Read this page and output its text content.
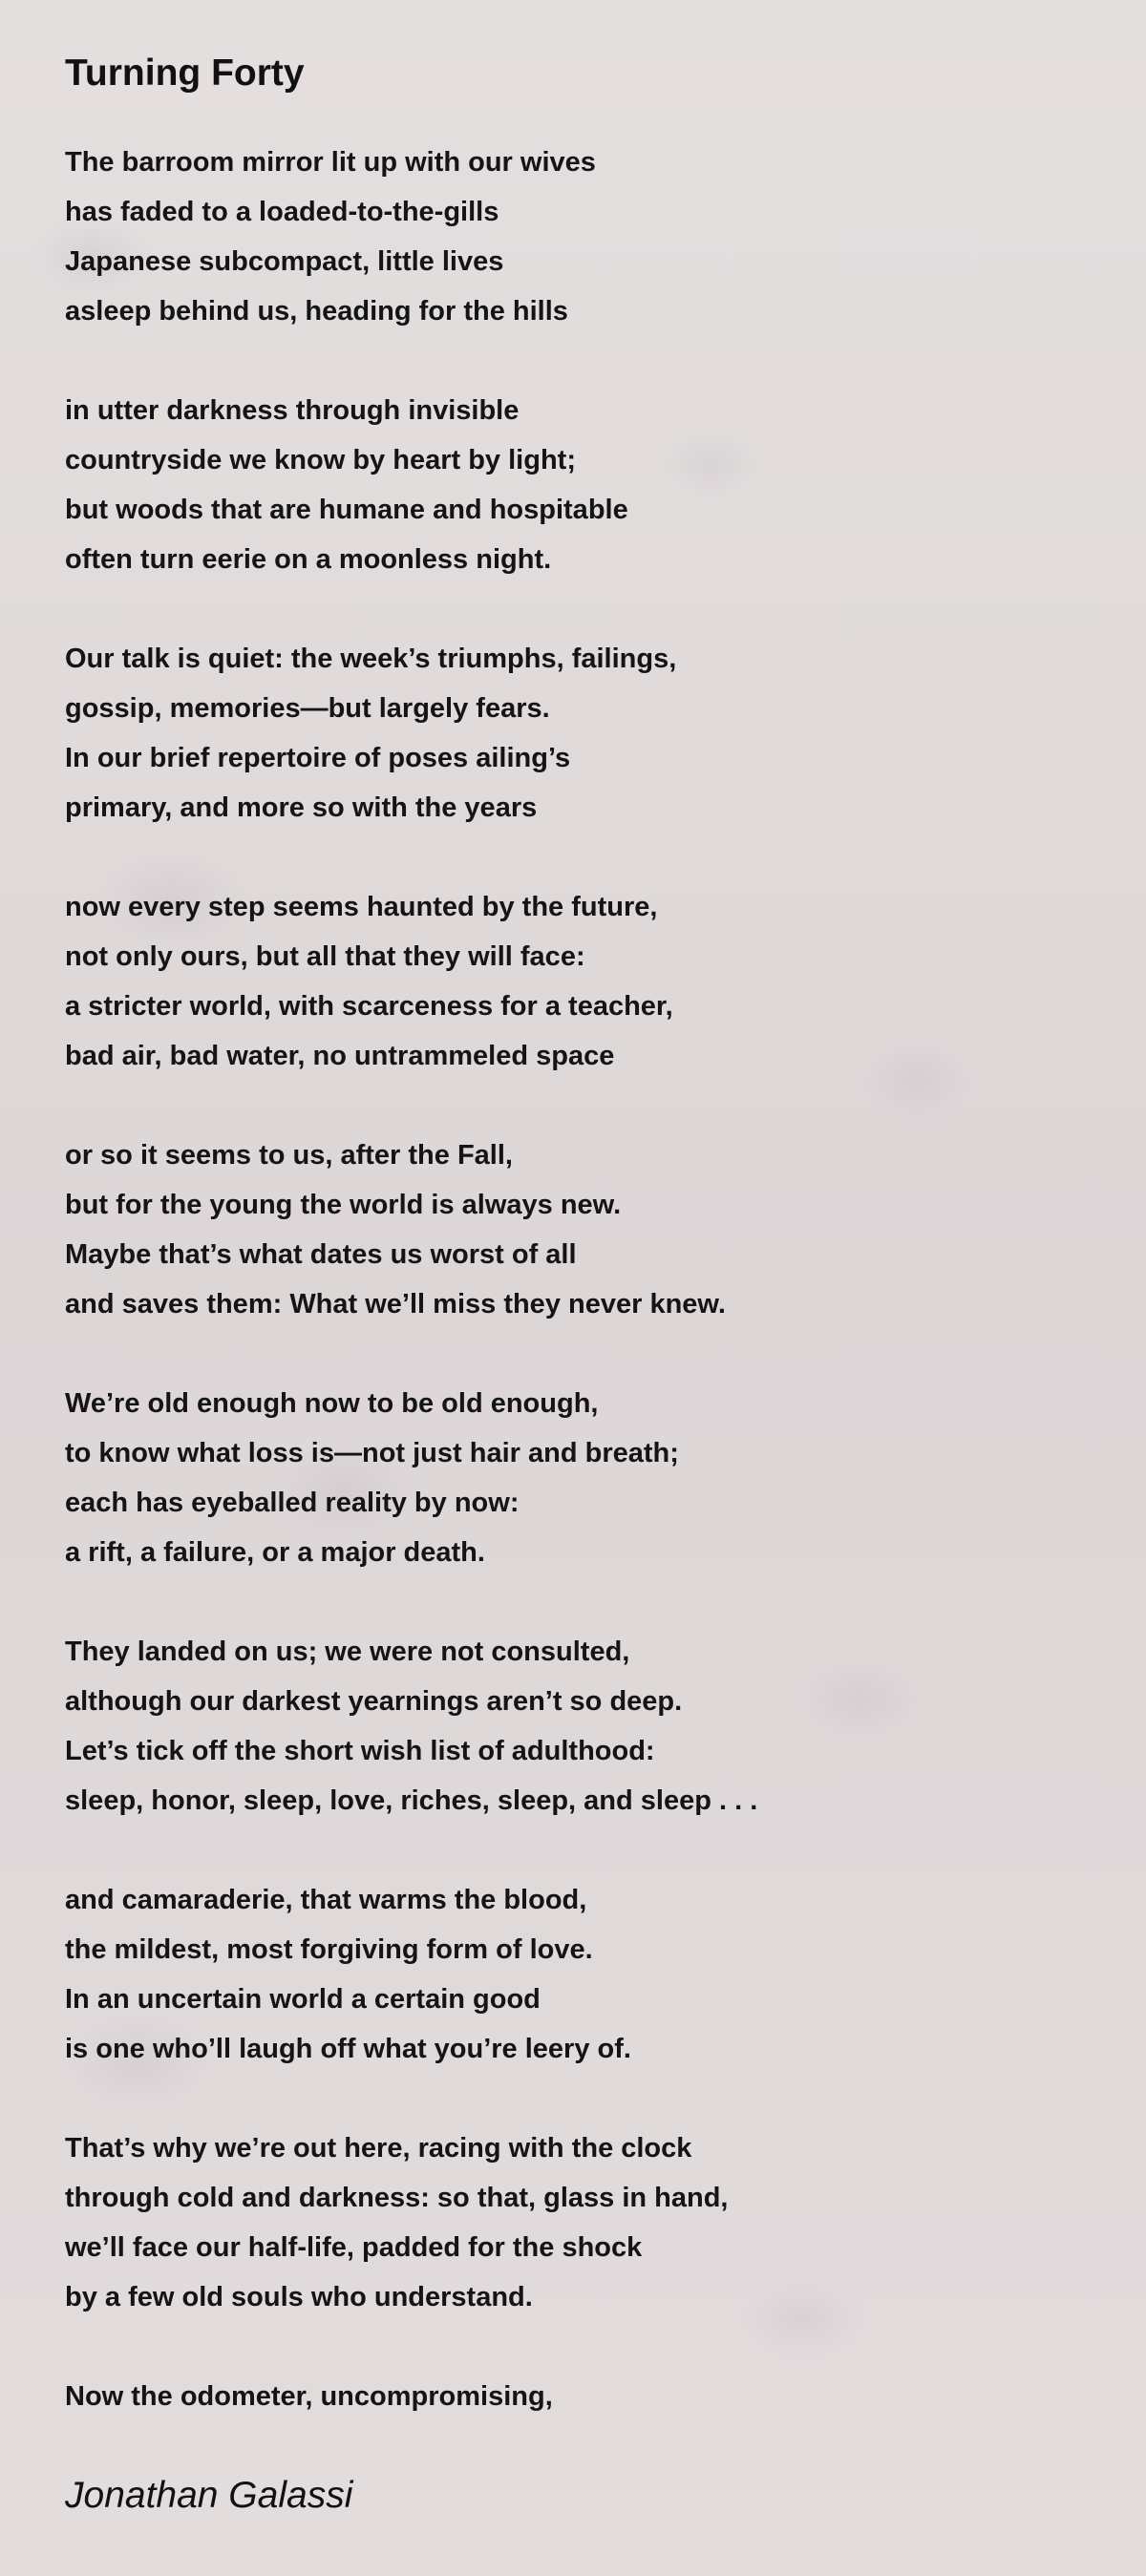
Turning Forty
The barroom mirror lit up with our wives
has faded to a loaded-to-the-gills
Japanese subcompact, little lives
asleep behind us, heading for the hills
in utter darkness through invisible
countryside we know by heart by light;
but woods that are humane and hospitable
often turn eerie on a moonless night.
Our talk is quiet: the week’s triumphs, failings,
gossip, memories—but largely fears.
In our brief repertoire of poses ailing’s
primary, and more so with the years
now every step seems haunted by the future,
not only ours, but all that they will face:
a stricter world, with scarceness for a teacher,
bad air, bad water, no untrammeled space
or so it seems to us, after the Fall,
but for the young the world is always new.
Maybe that’s what dates us worst of all
and saves them: What we’ll miss they never knew.
We’re old enough now to be old enough,
to know what loss is—not just hair and breath;
each has eyeballed reality by now:
a rift, a failure, or a major death.
They landed on us; we were not consulted,
although our darkest yearnings aren’t so deep.
Let’s tick off the short wish list of adulthood:
sleep, honor, sleep, love, riches, sleep, and sleep . . .
and camaraderie, that warms the blood,
the mildest, most forgiving form of love.
In an uncertain world a certain good
is one who’ll laugh off what you’re leery of.
That’s why we’re out here, racing with the clock
through cold and darkness: so that, glass in hand,
we’ll face our half-life, padded for the shock
by a few old souls who understand.
Now the odometer, uncompromising,
Jonathan Galassi
